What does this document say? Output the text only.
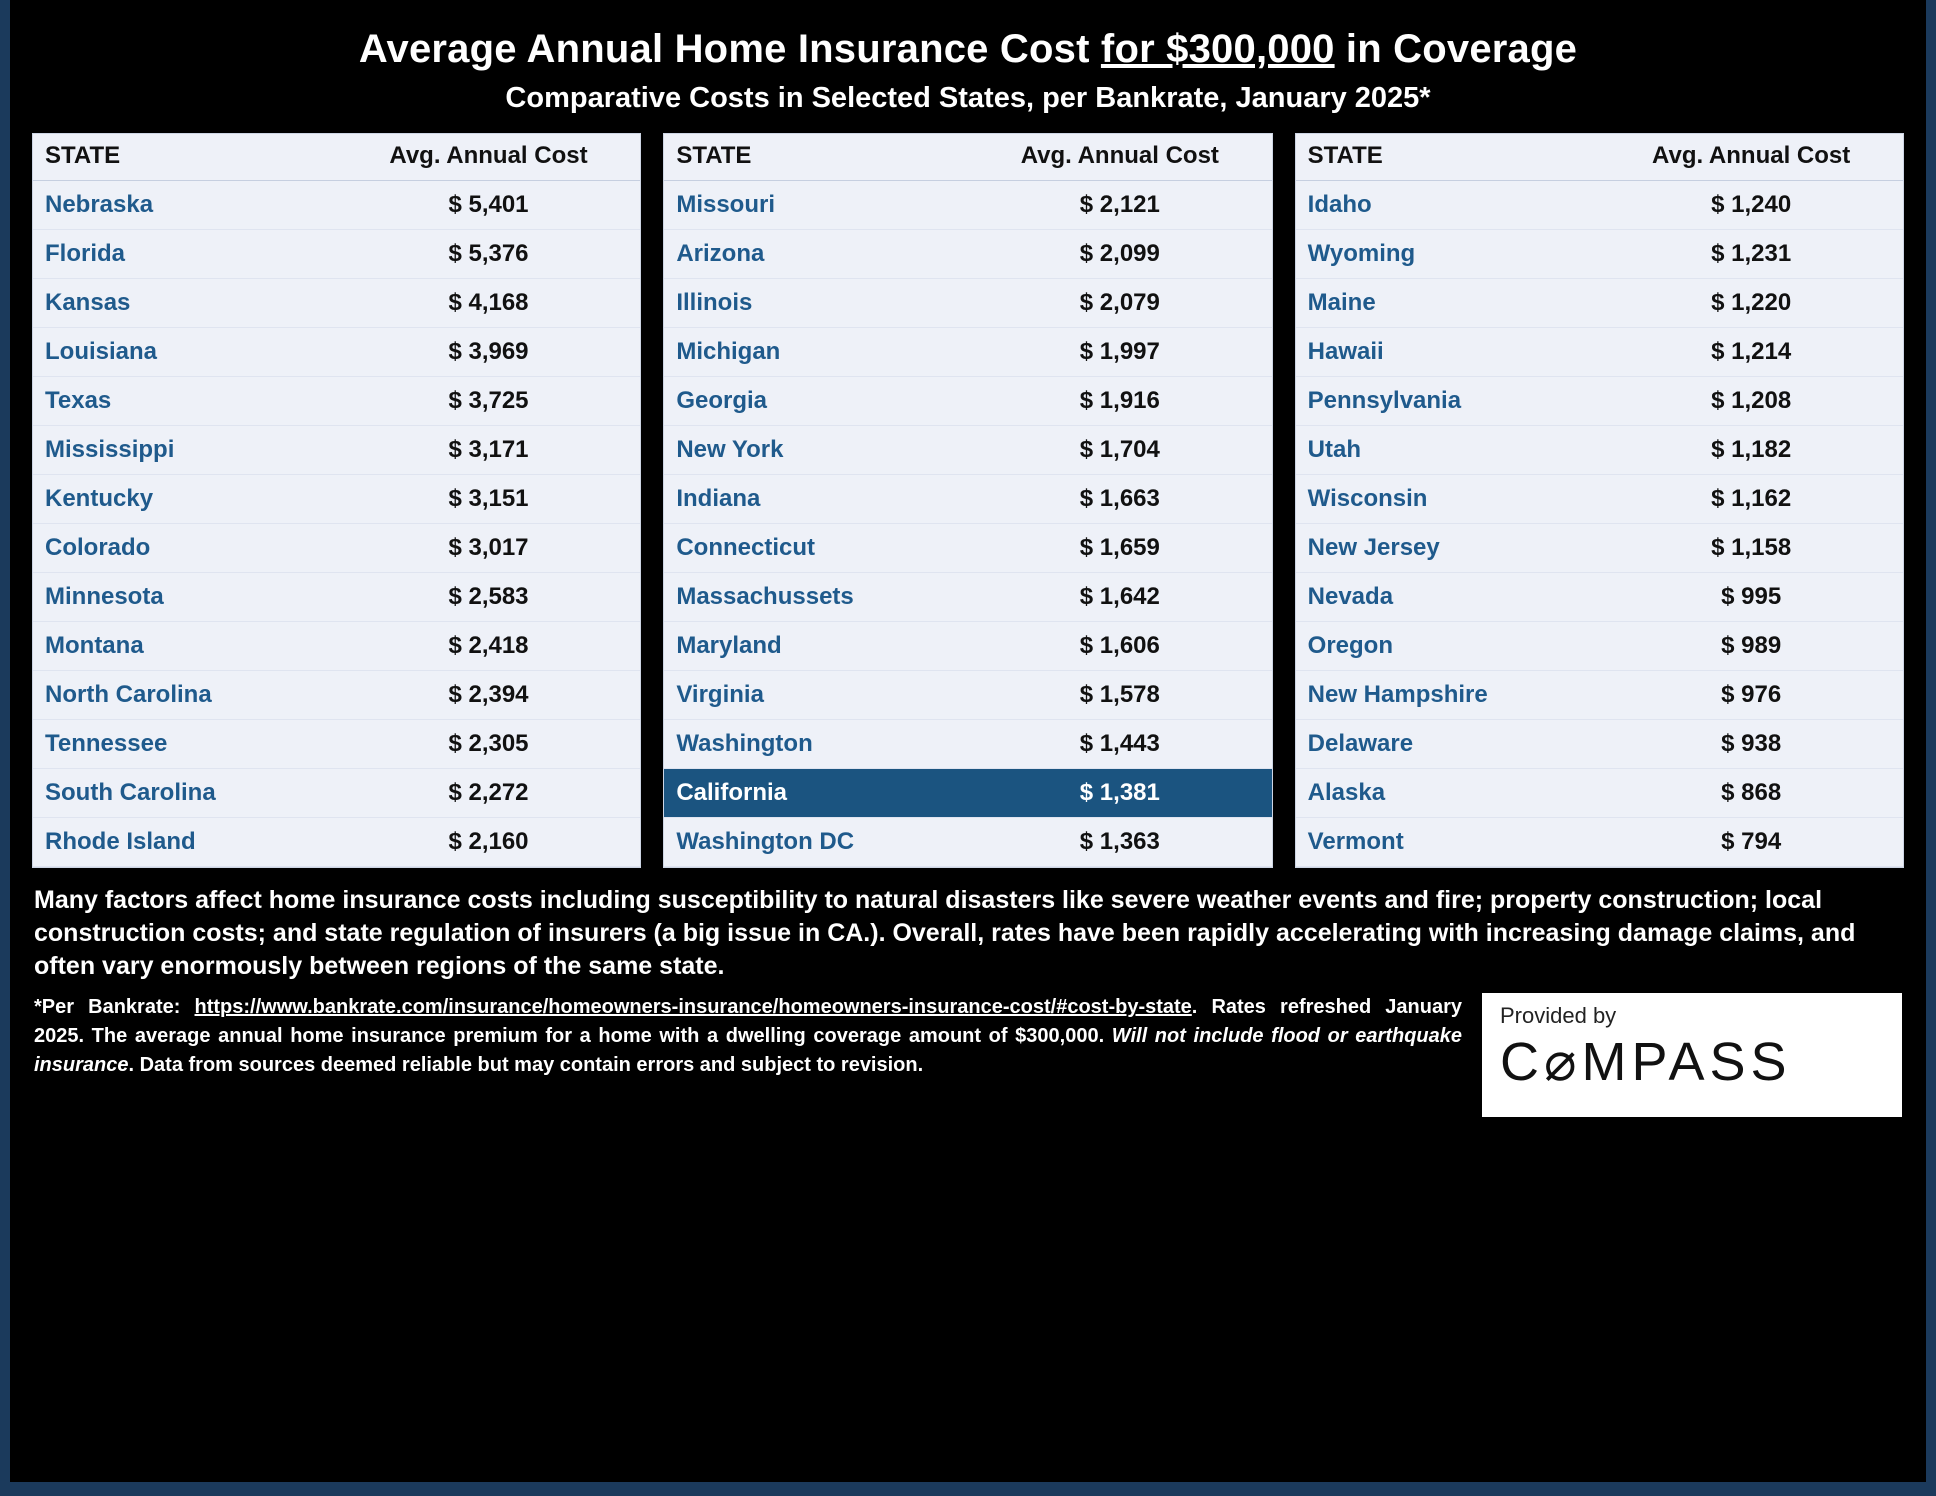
Average Annual Home Insurance Cost for $300,000 in Coverage
Comparative Costs in Selected States, per Bankrate, January 2025*
STATE	Avg. Annual Cost
Nebraska	$ 5,401
Florida	$ 5,376
Kansas	$ 4,168
Louisiana	$ 3,969
Texas	$ 3,725
Mississippi	$ 3,171
Kentucky	$ 3,151
Colorado	$ 3,017
Minnesota	$ 2,583
Montana	$ 2,418
North Carolina	$ 2,394
Tennessee	$ 2,305
South Carolina	$ 2,272
Rhode Island	$ 2,160
STATE	Avg. Annual Cost
Missouri	$ 2,121
Arizona	$ 2,099
Illinois	$ 2,079
Michigan	$ 1,997
Georgia	$ 1,916
New York	$ 1,704
Indiana	$ 1,663
Connecticut	$ 1,659
Massachussets	$ 1,642
Maryland	$ 1,606
Virginia	$ 1,578
Washington	$ 1,443
California	$ 1,381
Washington DC	$ 1,363
STATE	Avg. Annual Cost
Idaho	$ 1,240
Wyoming	$ 1,231
Maine	$ 1,220
Hawaii	$ 1,214
Pennsylvania	$ 1,208
Utah	$ 1,182
Wisconsin	$ 1,162
New Jersey	$ 1,158
Nevada	$ 995
Oregon	$ 989
New Hampshire	$ 976
Delaware	$ 938
Alaska	$ 868
Vermont	$ 794
Many factors affect home insurance costs including susceptibility to natural disasters like severe weather events and fire; property construction; local construction costs; and state regulation of insurers (a big issue in CA.). Overall, rates have been rapidly accelerating with increasing damage claims, and often vary enormously between regions of the same state.
*Per Bankrate: https://www.bankrate.com/insurance/homeowners-insurance/homeowners-insurance-cost/#cost-by-state. Rates refreshed January 2025. The average annual home insurance premium for a home with a dwelling coverage amount of $300,000. Will not include flood or earthquake insurance. Data from sources deemed reliable but may contain errors and subject to revision.
Provided by
C⌀MPASS
